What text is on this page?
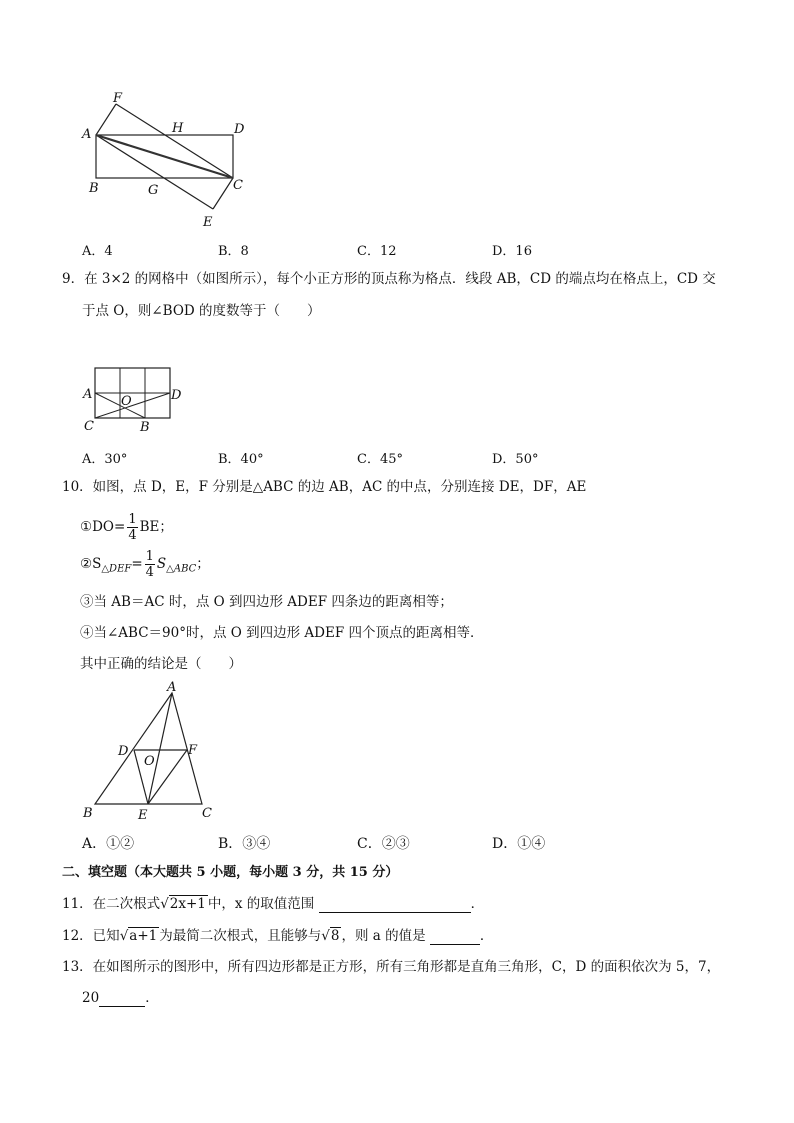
F
A	H	D
B	G	C
E
A．4	B．8	C．12	D．16
9．在 3×2 的网格中（如图所示），每个小正方形的顶点称为格点．线段 AB，CD 的端点均在格点上，CD 交
于点 O，则∠BOD 的度数等于（　　）
A O	D
C	B
A．30°	B．40°	C．45°	D．50°
10．如图，点 D，E，F 分别是△ABC 的边 AB，AC 的中点，分别连接 DE，DF，AE
①DO= $\frac{1}{4}$ BE；
$②S_{\triangle DEF}= \frac{1}{4} S_{\triangle ABC}$；
③当 AB＝AC 时，点 O 到四边形 ADEF 四条边的距离相等；
④当∠ABC＝90°时，点 O 到四边形 ADEF 四个顶点的距离相等．
其中正确的结论是（　　）
A
D	F
O
B	E	C
A．①②	B．③④	C．②③	D．①④
二、填空题（本大题共 5 小题，每小题 3 分，共 15 分）
11．在二次根式√2x+1 中，x 的取值范围	．
12．已知√a+1 为最简二次根式，且能够与√8 ，则 a 的值是	．
13．在如图所示的图形中，所有四边形都是正方形，所有三角形都是直角三角形，C，D 的面积依次为 5，7，
20	．
